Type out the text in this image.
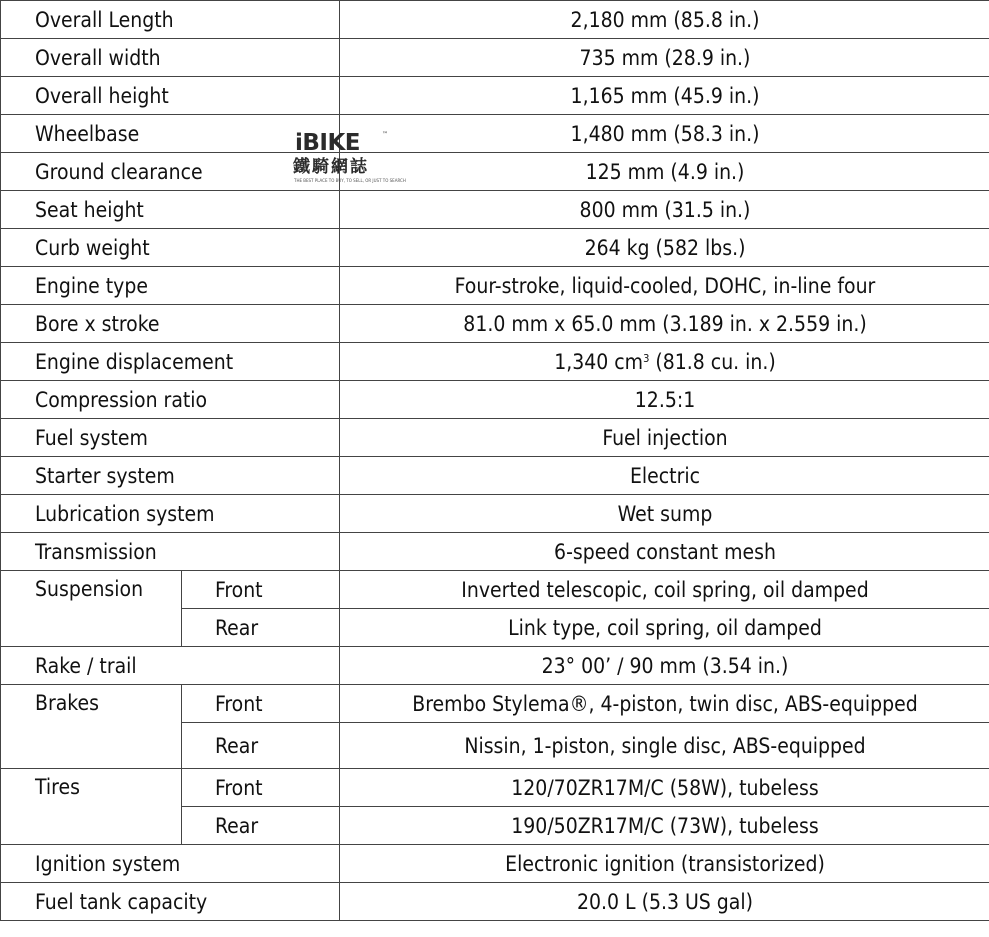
Overall Length		2,180 mm (85.8 in.)
Overall width		735 mm (28.9 in.)
Overall height		1,165 mm (45.9 in.)
Wheelbase		1,480 mm (58.3 in.)
Ground clearance		125 mm (4.9 in.)
Seat height		800 mm (31.5 in.)
Curb weight		264 kg (582 lbs.)
Engine type		Four-stroke, liquid-cooled, DOHC, in-line four
Bore x stroke		81.0 mm x 65.0 mm (3.189 in. x 2.559 in.)
Engine displacement		1,340 $cm^3$ (81.8 cu. in.)
Compression ratio		12.5:1
Fuel system		Fuel injection
Starter system		Electric
Lubrication system		Wet sump
Transmission		6-speed constant mesh
Suspension	Front	Inverted telescopic, coil spring, oil damped
	Rear	Link type, coil spring, oil damped
Rake / trail		23° 00’ / 90 mm (3.54 in.)
Brakes	Front	Brembo Stylema®, 4-piston, twin disc, ABS-equipped
	Rear	Nissin, 1-piston, single disc, ABS-equipped
Tires	Front	120/70ZR17M/C (58W), tubeless
	Rear	190/50ZR17M/C (73W), tubeless
Ignition system		Electronic ignition (transistorized)
Fuel tank capacity		20.0 L (5.3 US gal)
iBIKE	™
鐵騎網誌
THE BEST PLACE TO BUY, TO SELL, OR JUST TO SEARCH
